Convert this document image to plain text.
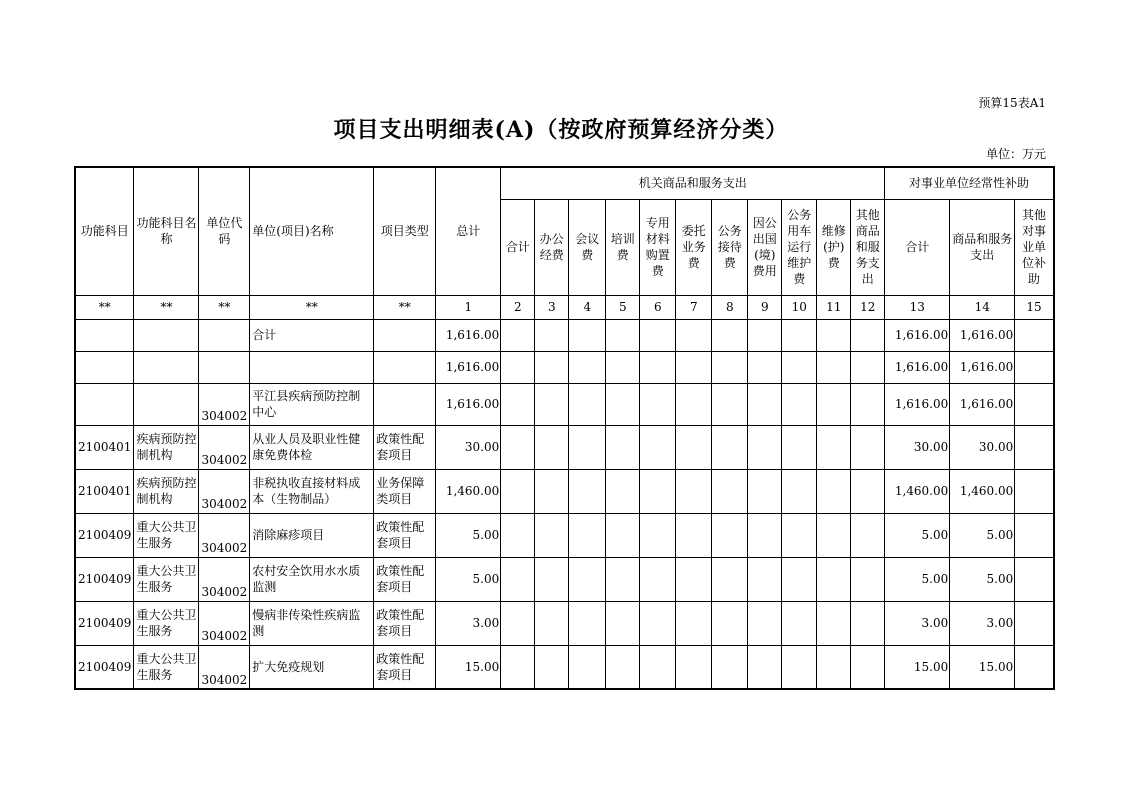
预算15表A1
项目支出明细表(A)（按政府预算经济分类）
单位：万元
功能科目	功能科目名称	单位代码	单位(项目)名称	项目类型	总计	机关商品和服务支出											对事业单位经常性补助		
						合计	办公经费	会议费	培训费	专用材料购置费	委托业务费	公务接待费	因公出国(境)费用	公务用车运行维护费	维修(护)费	其他商品和服务支出	合计	商品和服务支出	其他对事业单位补助
**	**	**	**	**	1	2	3	4	5	6	7	8	9	10	11	12	13	14	15
			合计		1,616.00												1,616.00	1,616.00	
					1,616.00												1,616.00	1,616.00	
		304002	平江县疾病预防控制中心		1,616.00												1,616.00	1,616.00	
2100401	疾病预防控制机构	304002	从业人员及职业性健康免费体检	政策性配套项目	30.00												30.00	30.00	
2100401	疾病预防控制机构	304002	非税执收直接材料成本（生物制品）	业务保障类项目	1,460.00												1,460.00	1,460.00	
2100409	重大公共卫生服务	304002	消除麻疹项目	政策性配套项目	5.00												5.00	5.00	
2100409	重大公共卫生服务	304002	农村安全饮用水水质监测	政策性配套项目	5.00												5.00	5.00	
2100409	重大公共卫生服务	304002	慢病非传染性疾病监测	政策性配套项目	3.00												3.00	3.00	
2100409	重大公共卫生服务	304002	扩大免疫规划	政策性配套项目	15.00												15.00	15.00	
